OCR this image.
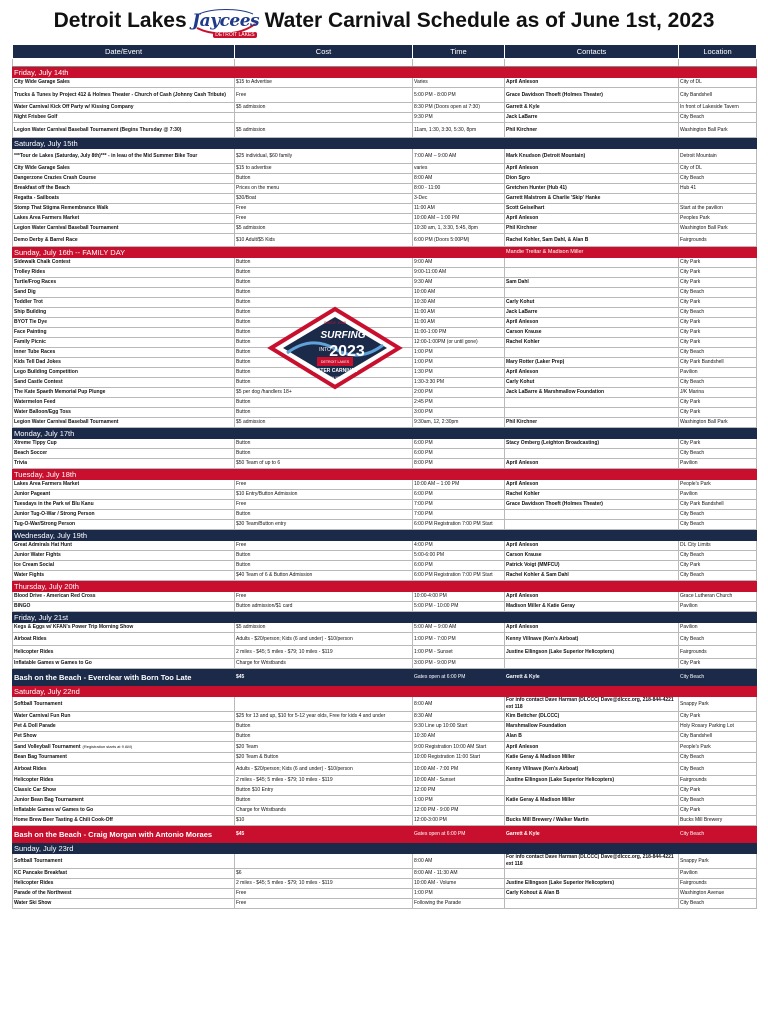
Detroit Lakes Jaycees
DETROIT LAKES
Water Carnival Schedule as of June 1st, 2023
Date/Event	Cost	Time	Contacts	Location

Friday, July 14th				
City Wide Garage Sales	$15 to Advertise	Varies	April Anleson	City of DL
Trucks & Tunes by Project 412 & Holmes Theater - Church of Cash (Johnny Cash Tribute)	Free	5:00 PM - 8:00 PM	Grace Davidson Thoeft (Holmes Theater)	City Bandshell
Water Carnival Kick Off Party w/ Kissing Company	$5 admission	8:30 PM (Doors open at 7:30)	Garrett & Kyle	In front of Lakeside Tavern
Night Frisbee Golf		9:30 PM	Jack LaBarre	City Beach
Legion Water Carnival Baseball Tournament (Begins Thursday @ 7:30)	$5 admission	11am, 1:30, 3:30, 5:30, 8pm	Phil Kirchner	Washington Ball Park
Saturday, July 15th				
***Tour de Lakes (Saturday, July 8th)*** - in leau of the Mid Summer Bike Tour	$25 individual, $60 family	7:00 AM – 9:00 AM	Mark Knudson (Detroit Mountain)	Detroit Mountain
City Wide Garage Sales	$15 to advertise	varies	April Anleson	City of DL
Dangerzone Crazies Crash Course	Button	8:00 AM	Dion Sgro	City Beach
Breakfast off the Beach	Prices on the menu	8:00 - 11:00	Gretchen Hunter (Hub 41)	Hub 41
Regatta - Sailboats	$30/Boat	3-Dec	Garrett Malstrom & Charlie 'Skip' Hanke	
Stomp That Stigma Remembrance Walk	Free	11:00 AM	Scott Geiselhart	Start at the pavilion
Lakes Area Farmers Market	Free	10:00 AM – 1:00 PM	April Anleson	Peoples Park
Legion Water Carnival Baseball Tournament	$5 admission	10:30 am, 1, 3:30, 5:45, 8pm	Phil Kirchner	Washington Ball Park
Demo Derby & Barrel Race	$10 Adult/$5 Kids	6:00 PM (Doors 5:00PM)	Rachel Kohler, Sam Dahl, & Alan B	Fairgrounds
Sunday, July 16th -- FAMILY DAY			Mandie Treitar & Madison Miller	
Sidewalk Chalk Contest	Button	9:00 AM		City Park
Trolley Rides	Button	9:00-11:00 AM		City Park
Turtle/Frog Races	Button	9:30 AM	Sam Dahl	City Park
Sand Dig	Button	10:00 AM		City Beach
Toddler Trot	Button	10:30 AM	Carly Kohut	City Park
Ship Building	Button	11:00 AM	Jack LaBarre	City Beach
BYOT Tie Dye	Button	11:00 AM	April Anleson	City Park
Face Painting	Button	11:00-1:00 PM	Carson Krause	City Park
Family Picnic	Button	12:00-1:00PM (or until gone)	Rachel Kohler	City Park
Inner Tube Races	Button	1:00 PM		City Beach
Kids Tell Dad Jokes	Button	1:00 PM	Mary Rotter (Laker Prep)	City Park Bandshell
Lego Building Competition	Button	1:30 PM	April Anleson	Pavilion
Sand Castle Contest	Button	1:30-3:30 PM	Carly Kohut	City Beach
The Kate Spaeth Memorial Pup Plunge	$5 per dog /handlers 18+	2:00 PM	Jack LaBarre & Marshmallow Foundation	J/K Marina
Watermelon Feed	Button	2:45 PM		City Park
Water Balloon/Egg Toss	Button	3:00 PM		City Park
Legion Water Carnival Baseball Tournament	$5 admission	9:30am, 12, 2:30pm	Phil Kirchner	Washington Ball Park
Monday, July 17th				
Xtreme Tippy Cup	Button	6:00 PM	Stacy Omberg (Leighton Broadcasting)	City Park
Beach Soccer	Button	6:00 PM		City Beach
Trivia	$50 Team of up to 6	8:00 PM	April Anleson	Pavilion
Tuesday, July 18th				
Lakes Area Farmers Market	Free	10:00 AM – 1:00 PM	April Anleson	People's Park
Junior Pageant	$10 Entry/Button Admission	6:00 PM	Rachel Kohler	Pavilion
Tuesdays in the Park w/ Blu Kanu	Free	7:00 PM	Grace Davidson Thoeft (Holmes Theater)	City Park Bandshell
Junior Tug-O-War / Strong Person	Button	7:00 PM		City Beach
Tug-O-War/Strong Person	$30 Team/Button entry	6:00 PM Registration 7:00 PM Start		City Beach
Wednesday, July 19th				
Great Admirals Hat Hunt	Free	4:00 PM	April Anleson	DL City Limits
Junior Water Fights	Button	5:00-6:00 PM	Carson Krause	City Beach
Ice Cream Social	Button	6:00 PM	Patrick Voigt (MMFCU)	City Park
Water Fights	$40 Team of 6 & Button Admission	6:00 PM Registration 7:00 PM Start	Rachel Kohler & Sam Dahl	City Beach
Thursday, July 20th				
Blood Drive - American Red Cross	Free	10:00-4:00 PM	April Anleson	Grace Lutheran Church
BINGO	Button admission/$1 card	5:00 PM - 10:00 PM	Madison Miller & Katie Geray	Pavilion
Friday, July 21st				
Kegs & Eggs w/ KFAN's Power Trip Morning Show	$5 admission	5:00 AM – 9:00 AM	April Anleson	Pavilion
Airboat Rides	Adults - $20/person; Kids (6 and under) - $10/person	1:00 PM - 7:00 PM	Kenny Villnave (Ken's Airboat)	City Beach
Helicopter Rides	2 miles - $45; 5 miles - $79; 10 miles - $119	1:00 PM - Sunset	Justine Ellingson (Lake Superior Helicopters)	Fairgrounds
Inflatable Games w Games to Go	Charge for Wristbands	3:00 PM - 9:00 PM		City Park
Bash on the Beach - Everclear with Born Too Late	$45	Gates open at 6:00 PM	Garrett & Kyle	City Beach
Saturday, July 22nd				
Softball Tournament		8:00 AM	For info contact Dave Harman (DLCCC) Dave@dlccc.org, 218-844-4221 ext 118	Snappy Park
Water Carnival Fun Run	$25 for 13 and up, $10 for 5-12 year olds, Free for kids 4 and under	8:30 AM	Kim Bettcher (DLCCC)	City Park
Pet & Doll Parade	Button	9:30 Line up 10:00 Start	Marshmallow Foundation	Holy Rosary Parking Lot
Pet Show	Button	10:30 AM	Alan B	City Bandshell
Sand Volleyball Tournament (Registration starts at 9 AM)	$20 Team	9:00 Registration 10:00 AM Start	April Anleson	People's Park
Bean Bag Tournament	$20 Team & Button	10:00 Registration 11:00 Start	Katie Geray & Madison Miller	City Beach
Airboat Rides	Adults - $20/person; Kids (6 and under) - $10/person	10:00 AM - 7:00 PM	Kenny Villnave (Ken's Airboat)	City Beach
Helicopter Rides	2 miles - $45; 5 miles - $79; 10 miles - $119	10:00 AM - Sunset	Justine Ellingson (Lake Superior Helicopters)	Fairgrounds
Classic Car Show	Button $10 Entry	12:00 PM		City Park
Junior Bean Bag Tournament	Button	1:00 PM	Katie Geray & Madison Miller	City Beach
Inflatable Games w/ Games to Go	Charge for Wristbands	12:00 PM - 9:00 PM		City Park
Home Brew Beer Tasting & Chili Cook-Off	$10	12:00-3:00 PM	Bucks Mill Brewery / Walker Martin	Bucks Mill Brewery
Bash on the Beach - Craig Morgan with Antonio Moraes	$45	Gates open at 6:00 PM	Garrett & Kyle	City Beach
Sunday, July 23rd				
Softball Tournament		8:00 AM	For info contact Dave Harman (DLCCC) Dave@dlccc.org, 218-844-4221 ext 118	Snappy Park
KC Pancake Breakfast	$6	8:00 AM - 11:30 AM		Pavilion
Helicopter Rides	2 miles - $45; 5 miles - $79; 10 miles - $119	10:00 AM - Volume	Justine Ellingson (Lake Superior Helicopters)	Fairgrounds
Parade of the Northwest	Free	1:00 PM	Carly Kohout & Alan B	Washington Avenue
Water Ski Show	Free	Following the Parade		City Beach
SINCE 1935
SURFING
INTO
2023
DETROIT LAKES
WATER CARNIVAL
88TH YEAR
